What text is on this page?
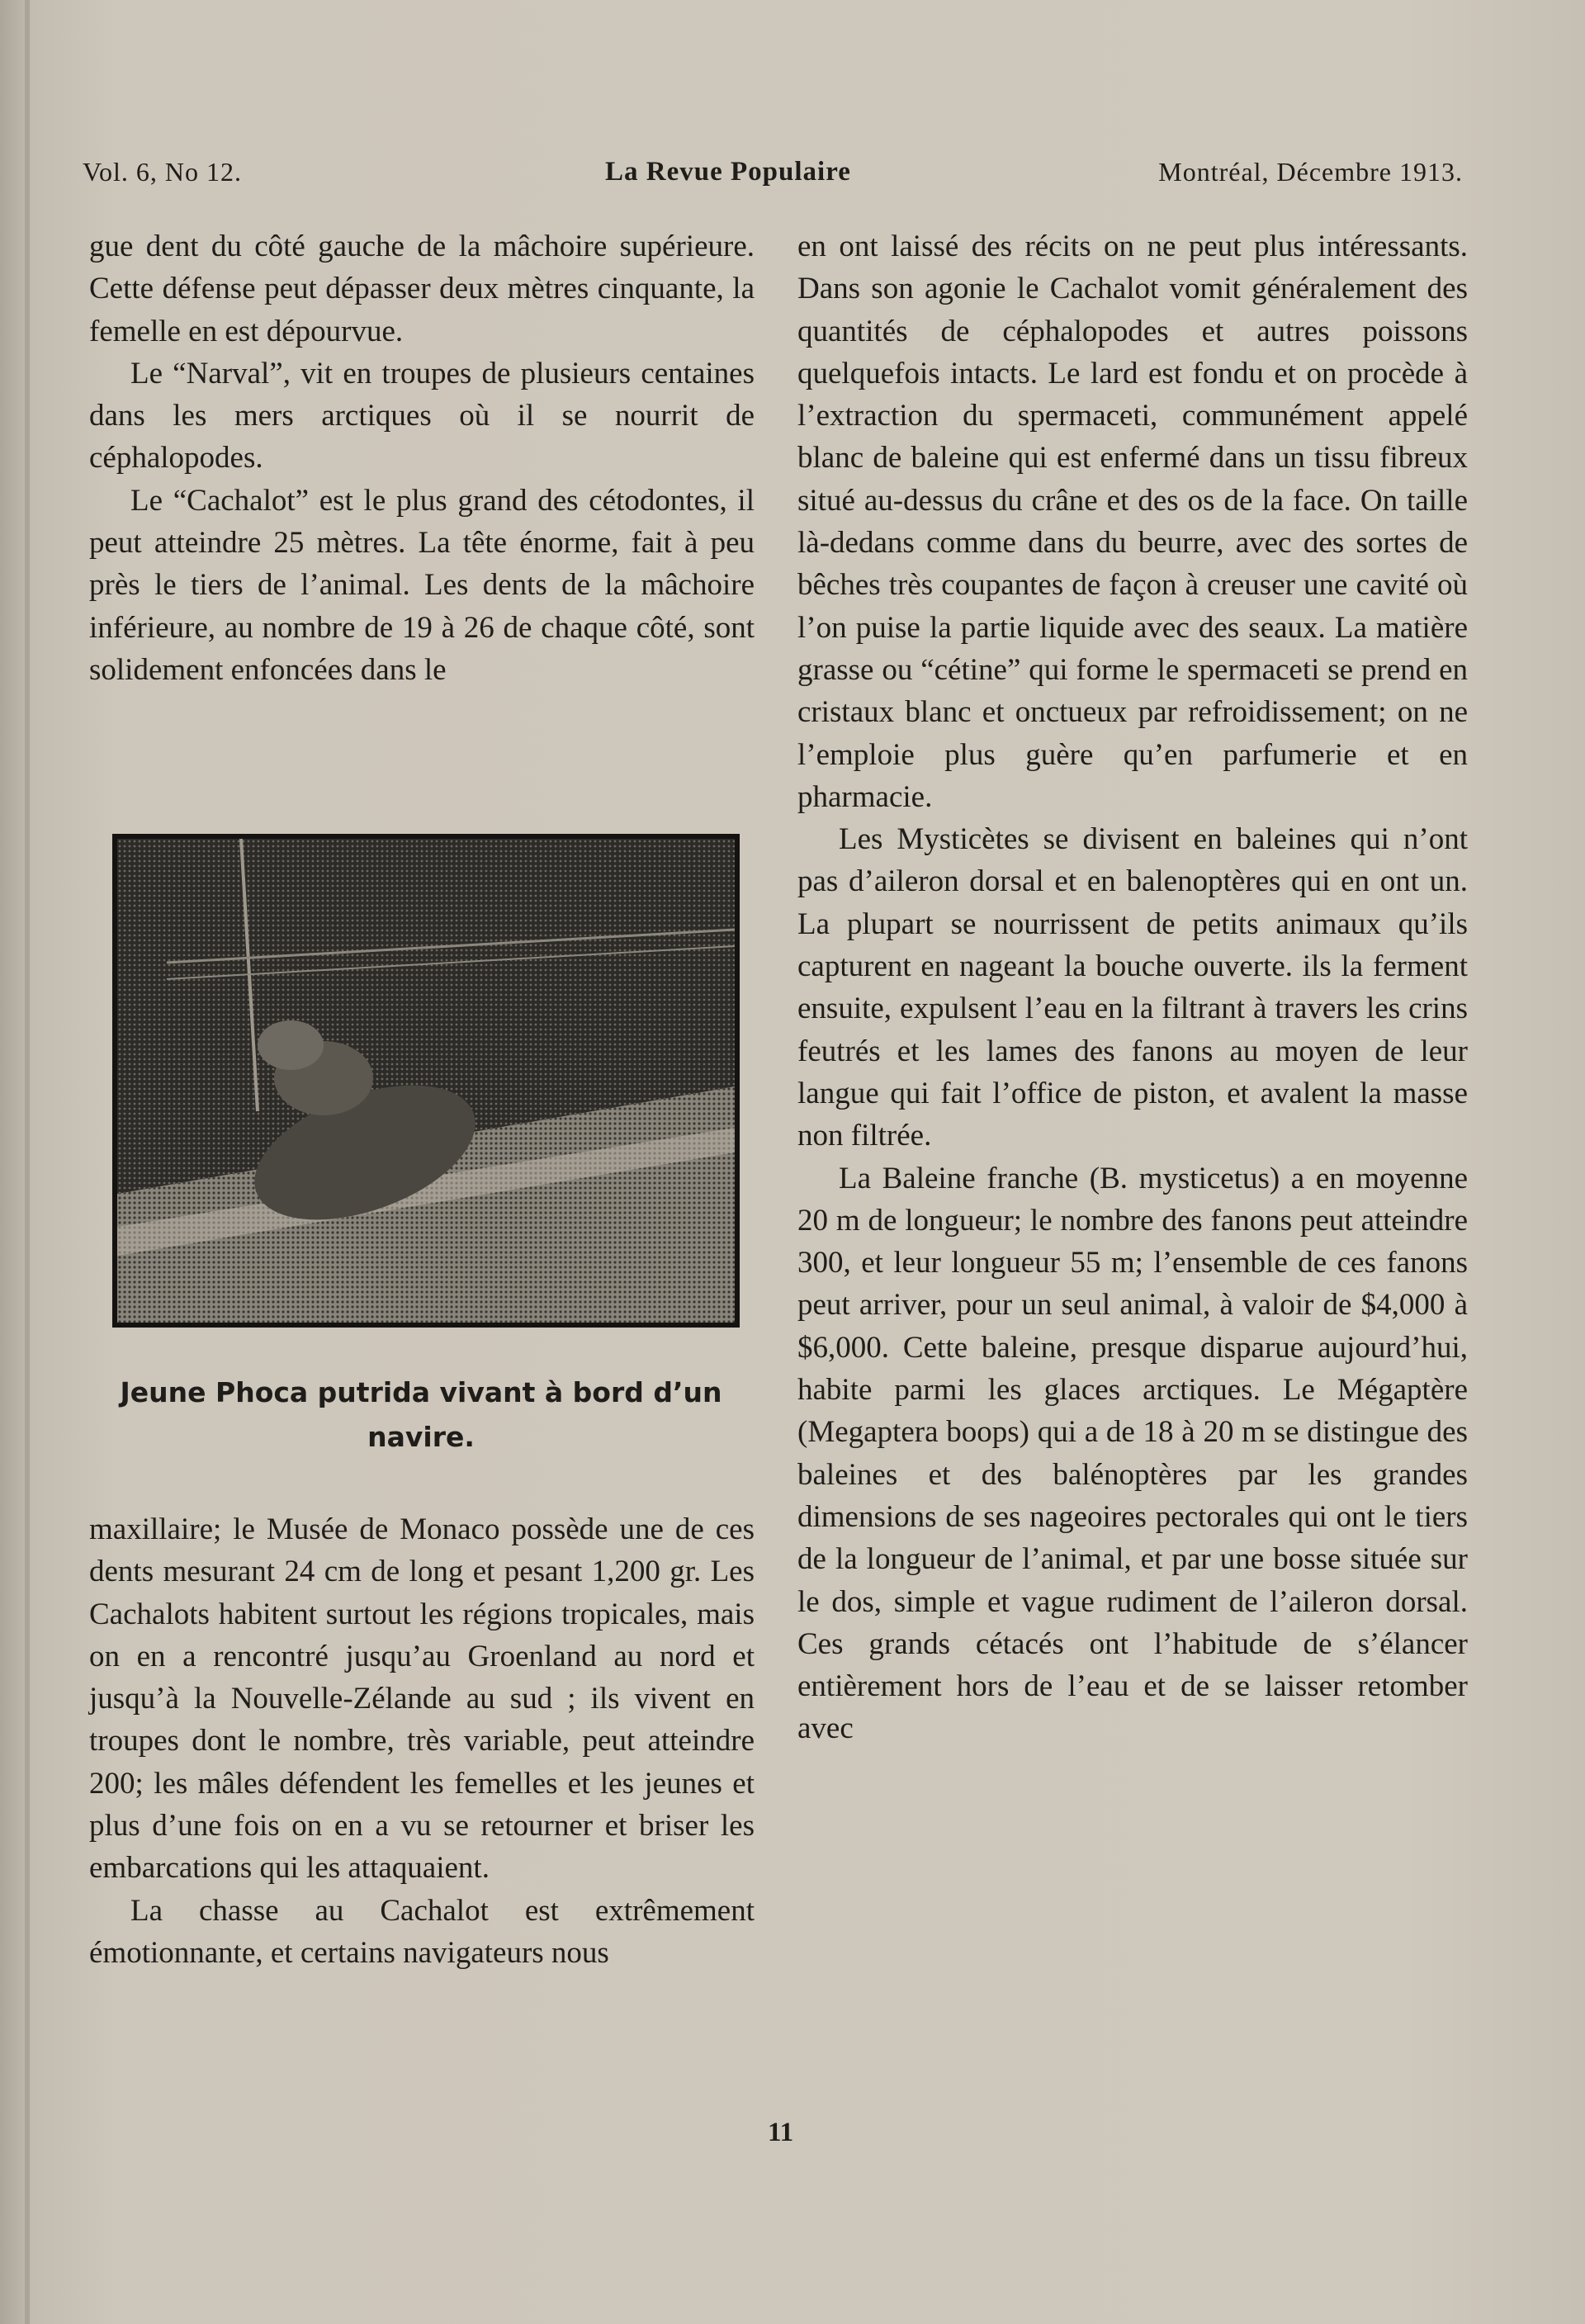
Vol. 6, No 12.	La Revue Populaire	Montréal, Décembre 1913.

gue dent du côté gauche de la mâchoire supérieure. Cette défense peut dépasser deux mètres cinquante, la femelle en est dépourvue.

Le “Narval”, vit en troupes de plusieurs centaines dans les mers arctiques où il se nourrit de céphalopodes.

Le “Cachalot” est le plus grand des cétodontes, il peut atteindre 25 mètres. La tête énorme, fait à peu près le tiers de l’animal. Les dents de la mâchoire inférieure, au nombre de 19 à 26 de chaque côté, sont solidement enfoncées dans le

Jeune Phoca putrida vivant à bord d’un navire.

maxillaire; le Musée de Monaco possède une de ces dents mesurant 24 cm de long et pesant 1,200 gr. Les Cachalots habitent surtout les régions tropicales, mais on en a rencontré jusqu’au Groenland au nord et jusqu’à la Nouvelle-Zélande au sud ; ils vivent en troupes dont le nombre, très variable, peut atteindre 200; les mâles défendent les femelles et les jeunes et plus d’une fois on en a vu se retourner et briser les embarcations qui les attaquaient.

La chasse au Cachalot est extrêmement émotionnante, et certains navigateurs nous

en ont laissé des récits on ne peut plus intéressants. Dans son agonie le Cachalot vomit généralement des quantités de céphalopodes et autres poissons quelquefois intacts. Le lard est fondu et on procède à l’extraction du spermaceti, communément appelé blanc de baleine qui est enfermé dans un tissu fibreux situé au-dessus du crâne et des os de la face. On taille là-dedans comme dans du beurre, avec des sortes de bêches très coupantes de façon à creuser une cavité où l’on puise la partie liquide avec des seaux. La matière grasse ou “cétine” qui forme le spermaceti se prend en cristaux blanc et onctueux par refroidissement; on ne l’emploie plus guère qu’en parfumerie et en pharmacie.

Les Mysticètes se divisent en baleines qui n’ont pas d’aileron dorsal et en balenoptères qui en ont un. La plupart se nourrissent de petits animaux qu’ils capturent en nageant la bouche ouverte. ils la ferment ensuite, expulsent l’eau en la filtrant à travers les crins feutrés et les lames des fanons au moyen de leur langue qui fait l’office de piston, et avalent la masse non filtrée.

La Baleine franche (B. mysticetus) a en moyenne 20 m de longueur; le nombre des fanons peut atteindre 300, et leur longueur 55 m; l’ensemble de ces fanons peut arriver, pour un seul animal, à valoir de $4,000 à $6,000. Cette baleine, presque disparue aujourd’hui, habite parmi les glaces arctiques. Le Mégaptère (Megaptera boops) qui a de 18 à 20 m se distingue des baleines et des balénoptères par les grandes dimensions de ses nageoires pectorales qui ont le tiers de la longueur de l’animal, et par une bosse située sur le dos, simple et vague rudiment de l’aileron dorsal. Ces grands cétacés ont l’habitude de s’élancer entièrement hors de l’eau et de se laisser retomber avec

11
